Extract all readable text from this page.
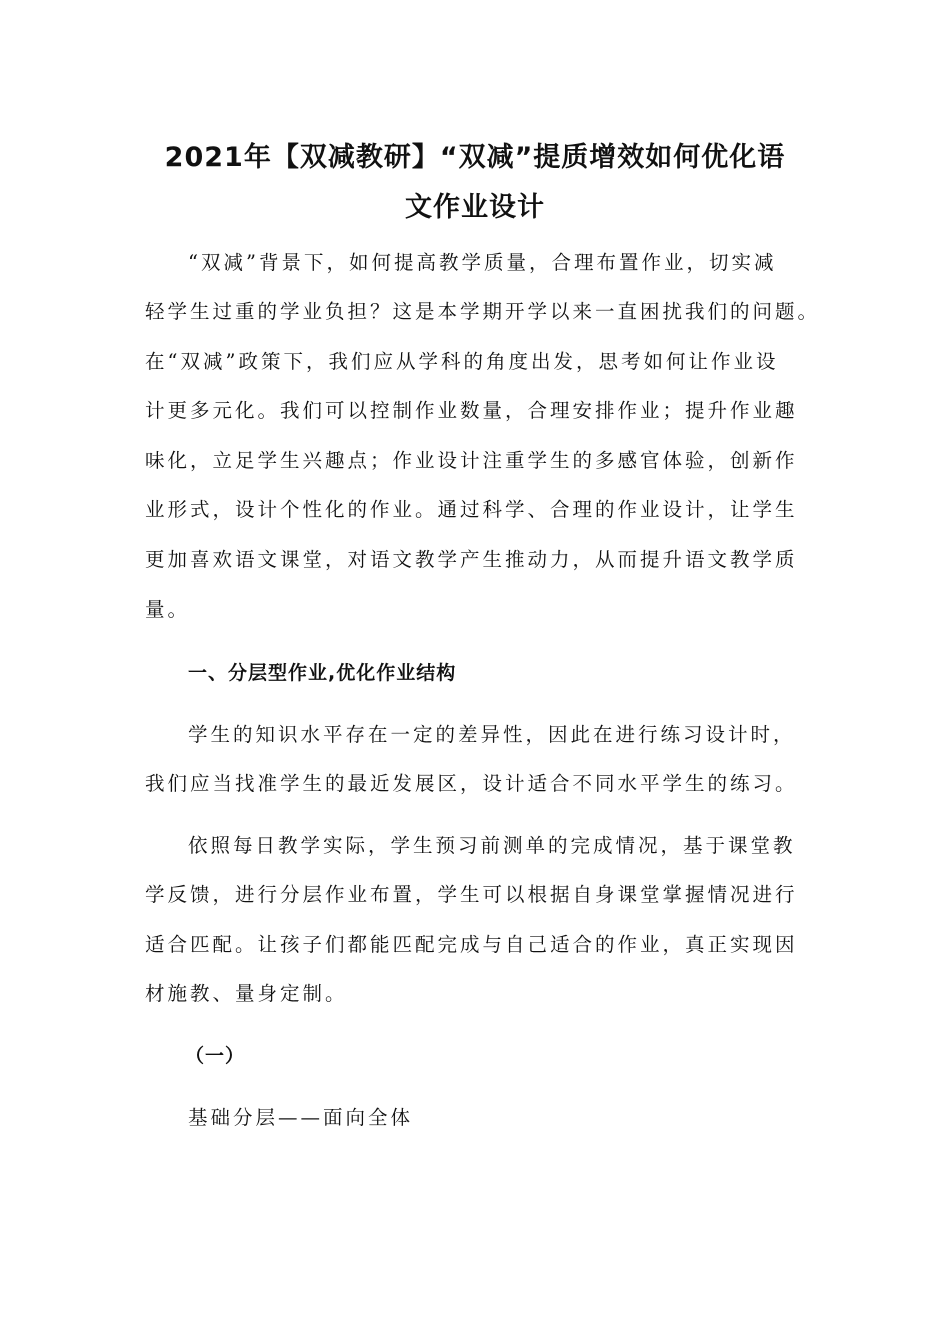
2021年【双减教研】“双减”提质增效如何优化语
文作业设计
“双减”背景下，如何提高教学质量，合理布置作业，切实减
轻学生过重的学业负担？这是本学期开学以来一直困扰我们的问题。
在“双减”政策下，我们应从学科的角度出发，思考如何让作业设
计更多元化。我们可以控制作业数量，合理安排作业；提升作业趣
味化，立足学生兴趣点；作业设计注重学生的多感官体验，创新作
业形式，设计个性化的作业。通过科学、合理的作业设计，让学生
更加喜欢语文课堂，对语文教学产生推动力，从而提升语文教学质
量。
一、分层型作业,优化作业结构
学生的知识水平存在一定的差异性，因此在进行练习设计时，
我们应当找准学生的最近发展区，设计适合不同水平学生的练习。
依照每日教学实际，学生预习前测单的完成情况，基于课堂教
学反馈，进行分层作业布置，学生可以根据自身课堂掌握情况进行
适合匹配。让孩子们都能匹配完成与自己适合的作业，真正实现因
材施教、量身定制。
（一）
基础分层——面向全体
